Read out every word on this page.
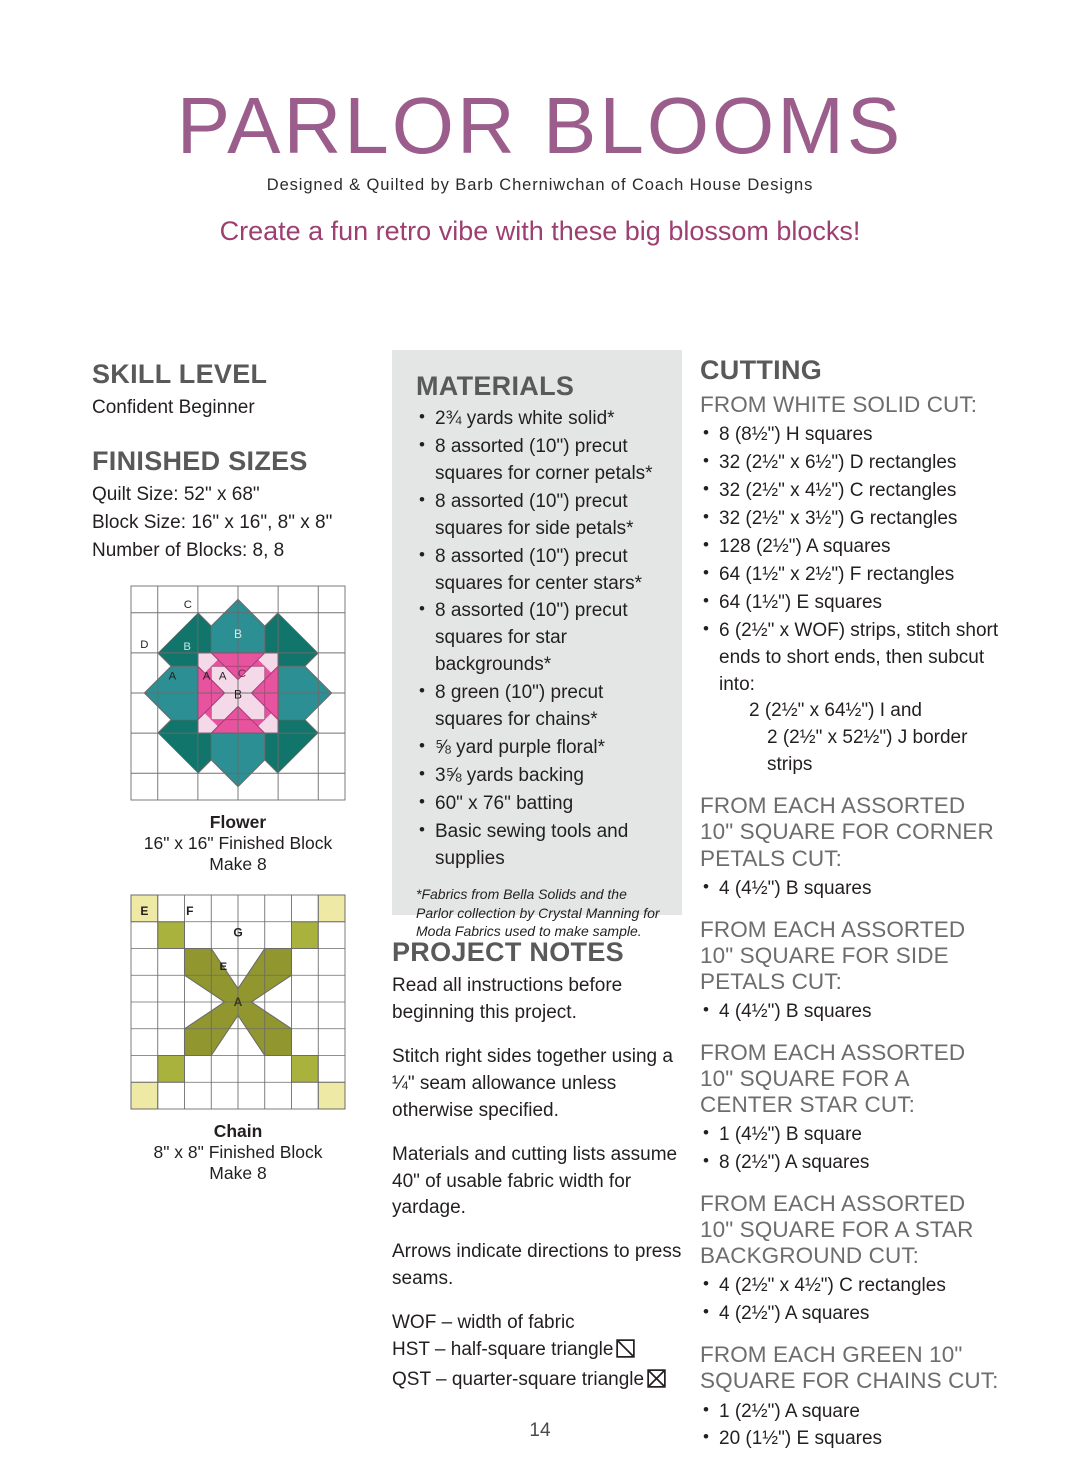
PARLOR BLOOMS
Designed & Quilted by Barb Cherniwchan of Coach House Designs
Create a fun retro vibe with these big blossom blocks!
SKILL LEVEL

Confident Beginner

FINISHED SIZES

Quilt Size: 52" x 68"

Block Size: 16" x 16", 8" x 8"

Number of Blocks: 8, 8

C
D B
B
A A A C
B
Flower
16" x 16" Finished Block
Make 8
E F
G
E
A
Chain
8" x 8" Finished Block
Make 8
MATERIALS
• 2¾ yards white solid*
• 8 assorted (10") precut squares for corner petals*
• 8 assorted (10") precut squares for side petals*
• 8 assorted (10") precut squares for center stars*
• 8 assorted (10") precut squares for star backgrounds*
• 8 green (10") precut squares for chains*
• ⅝ yard purple floral*
• 3⅝ yards backing
• 60" x 76" batting
• Basic sewing tools and supplies
*Fabrics from Bella Solids and the Parlor collection by Crystal Manning for Moda Fabrics used to make sample.
PROJECT NOTES

Read all instructions before beginning this project.

Stitch right sides together using a ¼" seam allowance unless otherwise specified.

Materials and cutting lists assume 40" of usable fabric width for yardage.

Arrows indicate directions to press seams.

WOF – width of fabric

HST – half-square triangle

QST – quarter-square triangle

CUTTING
FROM WHITE SOLID CUT:
• 8 (8½") H squares
• 32 (2½" x 6½") D rectangles
• 32 (2½" x 4½") C rectangles
• 32 (2½" x 3½") G rectangles
• 128 (2½") A squares
• 64 (1½" x 2½") F rectangles
• 64 (1½") E squares
• 6 (2½" x WOF) strips, stitch short ends to short ends, then subcut into:
2 (2½" x 64½") I and
2 (2½" x 52½") J border strips
FROM EACH ASSORTED 10" SQUARE FOR CORNER PETALS CUT:
• 4 (4½") B squares
FROM EACH ASSORTED 10" SQUARE FOR SIDE PETALS CUT:
• 4 (4½") B squares
FROM EACH ASSORTED 10" SQUARE FOR A CENTER STAR CUT:
• 1 (4½") B square
• 8 (2½") A squares
FROM EACH ASSORTED 10" SQUARE FOR A STAR BACKGROUND CUT:
• 4 (2½" x 4½") C rectangles
• 4 (2½") A squares
FROM EACH GREEN 10" SQUARE FOR CHAINS CUT:
• 1 (2½") A square
• 20 (1½") E squares
14
